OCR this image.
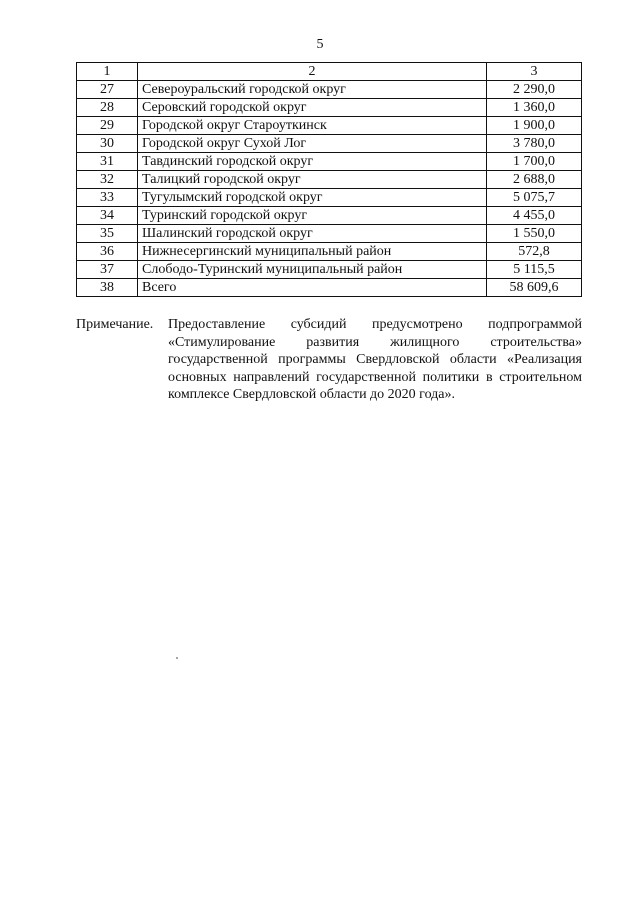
5
1	2	3
27	Североуральский городской округ	2 290,0
28	Серовский городской округ	1 360,0
29	Городской округ Староуткинск	1 900,0
30	Городской округ Сухой Лог	3 780,0
31	Тавдинский городской округ	1 700,0
32	Талицкий городской округ	2 688,0
33	Тугулымский городской округ	5 075,7
34	Туринский городской округ	4 455,0
35	Шалинский городской округ	1 550,0
36	Нижнесергинский муниципальный район	572,8
37	Слободо-Туринский муниципальный район	5 115,5
38	Всего	58 609,6
Примечание.	Предоставление субсидий предусмотрено подпрограммой
«Стимулирование развития жилищного строительства»
государственной программы Свердловской области «Реализация
основных направлений государственной политики в строительном
комплексе Свердловской области до 2020 года».
